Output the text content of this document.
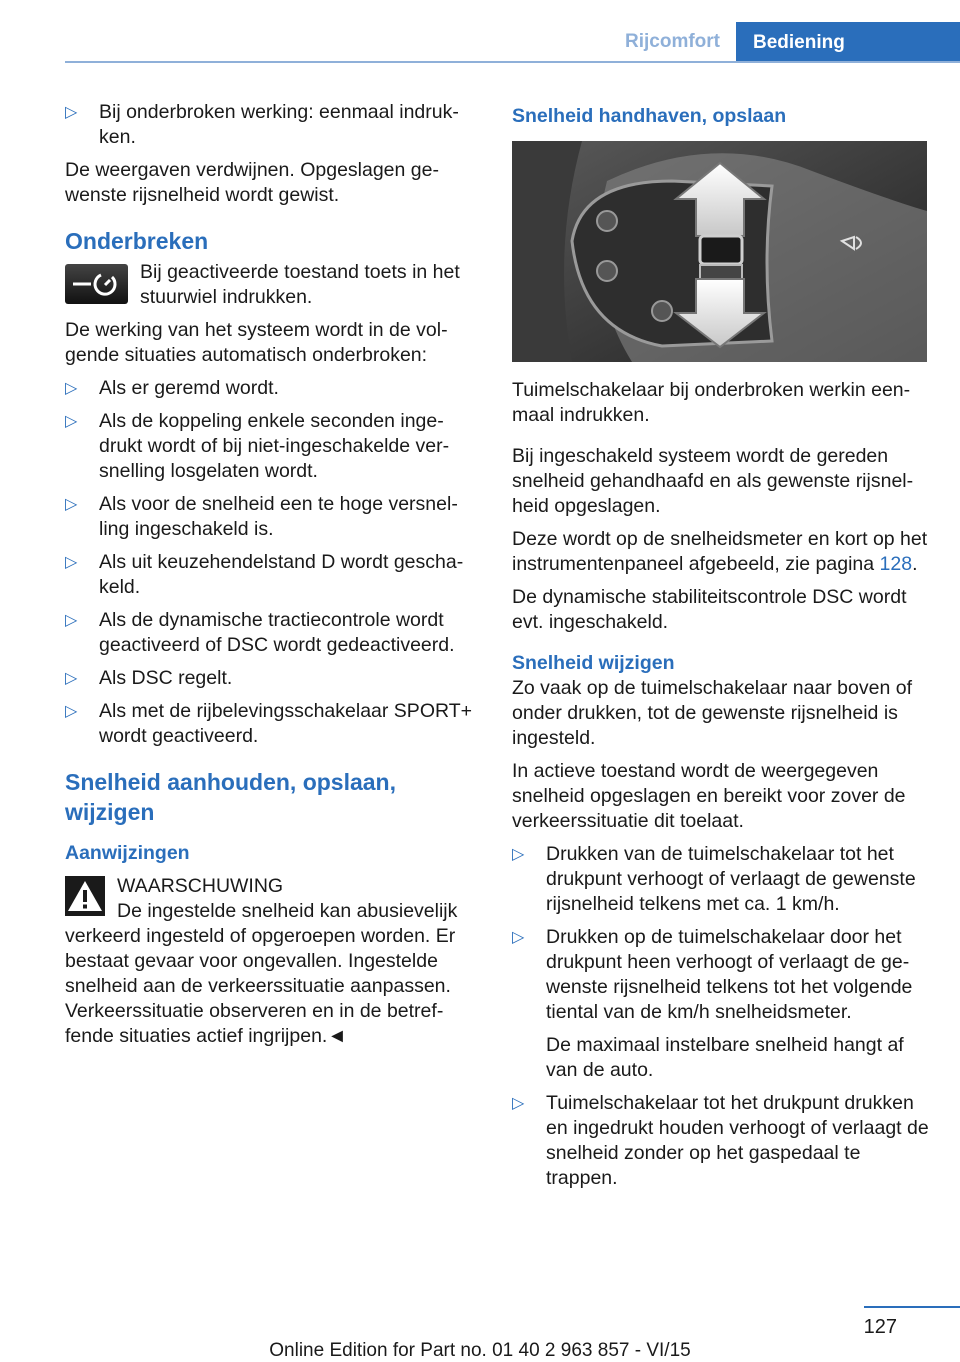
Rijcomfort	Bediening
▷ Bij onderbroken werking: eenmaal indrukken.
De weergaven verdwijnen. Opgeslagen gewenste rijsnelheid wordt gewist.
Onderbreken
Bij geactiveerde toestand toets in het stuurwiel indrukken.
De werking van het systeem wordt in de volgende situaties automatisch onderbroken:
▷ Als er geremd wordt.
▷ Als de koppeling enkele seconden ingedrukt wordt of bij niet-ingeschakelde versnelling losgelaten wordt.
▷ Als voor de snelheid een te hoge versnelling ingeschakeld is.
▷ Als uit keuzehendelstand D wordt geschakeld.
▷ Als de dynamische tractiecontrole wordt geactiveerd of DSC wordt gedeactiveerd.
▷ Als DSC regelt.
▷ Als met de rijbelevingsschakelaar SPORT+ wordt geactiveerd.
Snelheid aanhouden, opslaan, wijzigen
Aanwijzingen
WAARSCHUWING
De ingestelde snelheid kan abusievelijk verkeerd ingesteld of opgeroepen worden. Er bestaat gevaar voor ongevallen. Ingestelde snelheid aan de verkeerssituatie aanpassen. Verkeerssituatie observeren en in de betreffende situaties actief ingrijpen.◄
Snelheid handhaven, opslaan
Tuimelschakelaar bij onderbroken werkin eenmaal indrukken.
Bij ingeschakeld systeem wordt de gereden snelheid gehandhaafd en als gewenste rijsnelheid opgeslagen.
Deze wordt op de snelheidsmeter en kort op het instrumentenpaneel afgebeeld, zie pagina 128.
De dynamische stabiliteitscontrole DSC wordt evt. ingeschakeld.
Snelheid wijzigen
Zo vaak op de tuimelschakelaar naar boven of onder drukken, tot de gewenste rijsnelheid is ingesteld.
In actieve toestand wordt de weergegeven snelheid opgeslagen en bereikt voor zover de verkeerssituatie dit toelaat.
▷ Drukken van de tuimelschakelaar tot het drukpunt verhoogt of verlaagt de gewenste rijsnelheid telkens met ca. 1 km/h.
▷ Drukken op de tuimelschakelaar door het drukpunt heen verhoogt of verlaagt de gewenste rijsnelheid telkens tot het volgende tiental van de km/h snelheidsmeter.
De maximaal instelbare snelheid hangt af van de auto.
▷ Tuimelschakelaar tot het drukpunt drukken en ingedrukt houden verhoogt of verlaagt de snelheid zonder op het gaspedaal te trappen.
127
Online Edition for Part no. 01 40 2 963 857 - VI/15
